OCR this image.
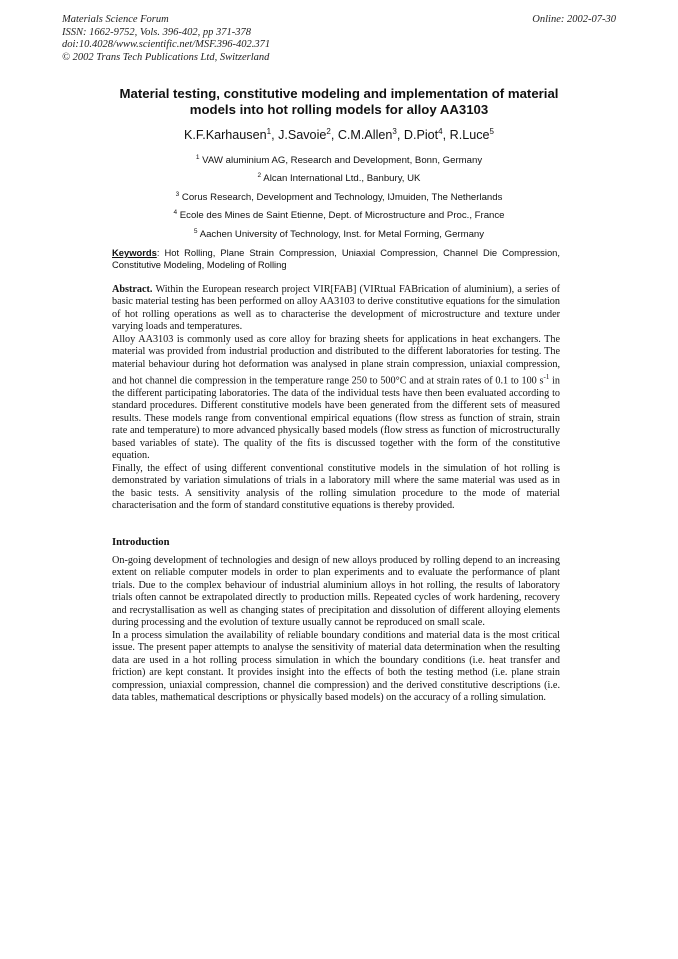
Materials Science Forum
ISSN: 1662-9752, Vols. 396-402, pp 371-378
doi:10.4028/www.scientific.net/MSF.396-402.371
© 2002 Trans Tech Publications Ltd, Switzerland
Online: 2002-07-30
Material testing, constitutive modeling and implementation of material
models into hot rolling models for alloy AA3103
K.F.Karhausen$^1$, J.Savoie$^2$, C.M.Allen$^3$, D.Piot$^4$, R.Luce$^5$
$^1$ VAW aluminium AG, Research and Development, Bonn, Germany
$^2$ Alcan International Ltd., Banbury, UK
$^3$ Corus Research, Development and Technology, IJmuiden, The Netherlands
$^4$ Ecole des Mines de Saint Etienne, Dept. of Microstructure and Proc., France
$^5$ Aachen University of Technology, Inst. for Metal Forming, Germany
Keywords: Hot Rolling, Plane Strain Compression, Uniaxial Compression, Channel Die Compression, Constitutive Modeling, Modeling of Rolling

Abstract. Within the European research project VIR[FAB] (VIRtual FABrication of aluminium), a series of basic material testing has been performed on alloy AA3103 to derive constitutive equations for the simulation of hot rolling operations as well as to characterise the development of microstructure and texture under varying loads and temperatures.

Alloy AA3103 is commonly used as core alloy for brazing sheets for applications in heat exchangers. The material was provided from industrial production and distributed to the different laboratories for testing. The material behaviour during hot deformation was analysed in plane strain compression, uniaxial compression, and hot channel die compression in the temperature range 250 to 500°C and at strain rates of 0.1 to 100 $s^{-1}$ in the different participating laboratories. The data of the individual tests have then been evaluated according to standard procedures. Different constitutive models have been generated from the different sets of measured results. These models range from conventional empirical equations (flow stress as function of strain, strain rate and temperature) to more advanced physically based models (flow stress as function of microstructurally based variables of state). The quality of the fits is discussed together with the form of the constitutive equation.

Finally, the effect of using different conventional constitutive models in the simulation of hot rolling is demonstrated by variation simulations of trials in a laboratory mill where the same material was used as in the basic tests. A sensitivity analysis of the rolling simulation procedure to the mode of material characterisation and the form of standard constitutive equations is thereby provided.

Introduction

On-going development of technologies and design of new alloys produced by rolling depend to an increasing extent on reliable computer models in order to plan experiments and to evaluate the performance of plant trials. Due to the complex behaviour of industrial aluminium alloys in hot rolling, the results of laboratory trials often cannot be extrapolated directly to production mills. Repeated cycles of work hardening, recovery and recrystallisation as well as changing states of precipitation and dissolution of different alloying elements during processing and the evolution of texture usually cannot be reproduced on small scale.

In a process simulation the availability of reliable boundary conditions and material data is the most critical issue. The present paper attempts to analyse the sensitivity of material data determination when the resulting data are used in a hot rolling process simulation in which the boundary conditions (i.e. heat transfer and friction) are kept constant. It provides insight into the effects of both the testing method (i.e. plane strain compression, uniaxial compression, channel die compression) and the derived constitutive descriptions (i.e. data tables, mathematical descriptions or physically based models) on the accuracy of a rolling simulation.
